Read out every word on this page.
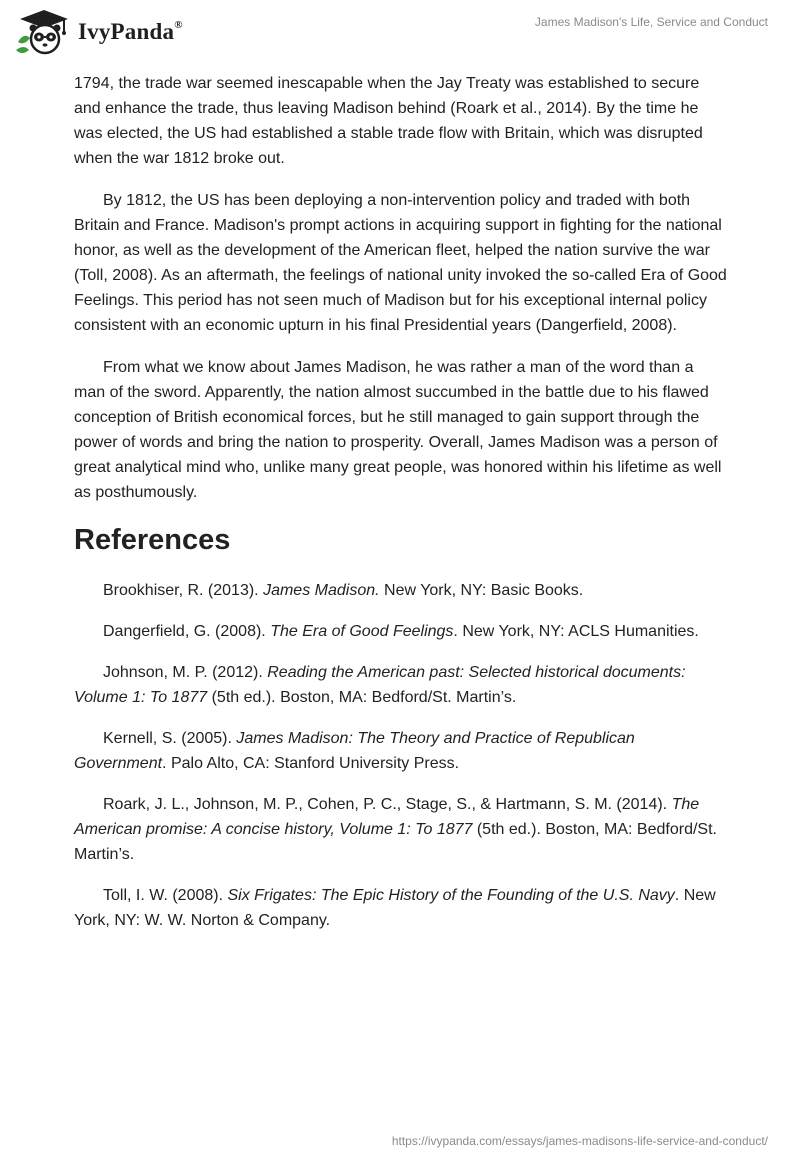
IvyPanda®	James Madison's Life, Service and Conduct

1794, the trade war seemed inescapable when the Jay Treaty was established to secure and enhance the trade, thus leaving Madison behind (Roark et al., 2014). By the time he was elected, the US had established a stable trade flow with Britain, which was disrupted when the war 1812 broke out.

By 1812, the US has been deploying a non-intervention policy and traded with both Britain and France. Madison's prompt actions in acquiring support in fighting for the national honor, as well as the development of the American fleet, helped the nation survive the war (Toll, 2008). As an aftermath, the feelings of national unity invoked the so-called Era of Good Feelings. This period has not seen much of Madison but for his exceptional internal policy consistent with an economic upturn in his final Presidential years (Dangerfield, 2008).

From what we know about James Madison, he was rather a man of the word than a man of the sword. Apparently, the nation almost succumbed in the battle due to his flawed conception of British economical forces, but he still managed to gain support through the power of words and bring the nation to prosperity. Overall, James Madison was a person of great analytical mind who, unlike many great people, was honored within his lifetime as well as posthumously.

References
Brookhiser, R. (2013). James Madison. New York, NY: Basic Books.
Dangerfield, G. (2008). The Era of Good Feelings. New York, NY: ACLS Humanities.
Johnson, M. P. (2012). Reading the American past: Selected historical documents: Volume 1: To 1877 (5th ed.). Boston, MA: Bedford/St. Martin’s.
Kernell, S. (2005). James Madison: The Theory and Practice of Republican Government. Palo Alto, CA: Stanford University Press.
Roark, J. L., Johnson, M. P., Cohen, P. C., Stage, S., & Hartmann, S. M. (2014). The American promise: A concise history, Volume 1: To 1877 (5th ed.). Boston, MA: Bedford/St. Martin’s.
Toll, I. W. (2008). Six Frigates: The Epic History of the Founding of the U.S. Navy. New York, NY: W. W. Norton & Company.
https://ivypanda.com/essays/james-madisons-life-service-and-conduct/
